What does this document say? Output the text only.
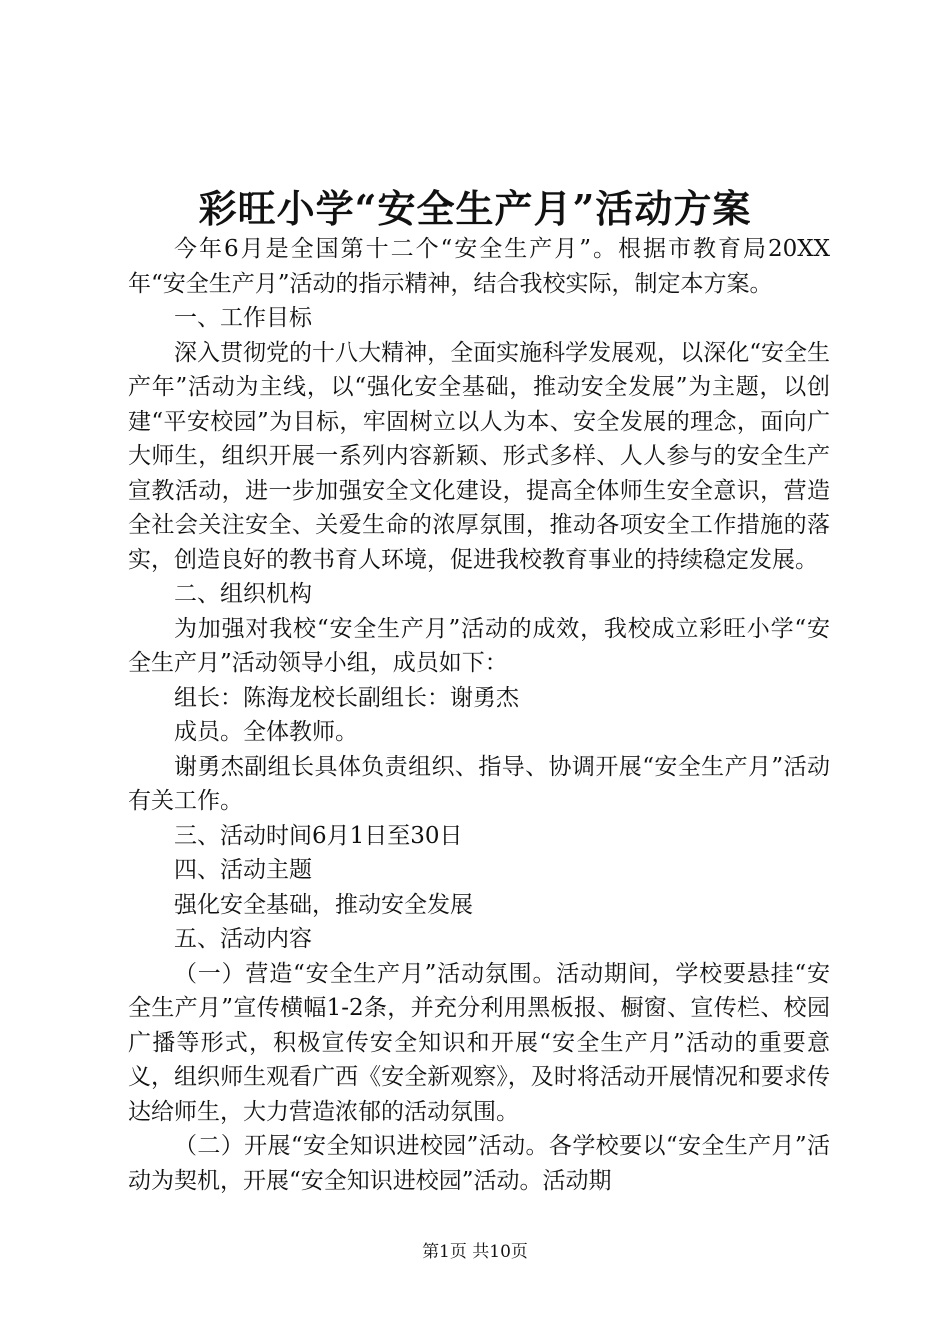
彩旺小学“安全生产月”活动方案

今年6月是全国第十二个“安全生产月”。根据市教育局20XX年“安全生产月”活动的指示精神，结合我校实际，制定本方案。

一、工作目标

深入贯彻党的十八大精神，全面实施科学发展观，以深化“安全生产年”活动为主线，以“强化安全基础，推动安全发展”为主题，以创建“平安校园”为目标，牢固树立以人为本、安全发展的理念，面向广大师生，组织开展一系列内容新颖、形式多样、人人参与的安全生产宣教活动，进一步加强安全文化建设，提高全体师生安全意识，营造全社会关注安全、关爱生命的浓厚氛围，推动各项安全工作措施的落实，创造良好的教书育人环境，促进我校教育事业的持续稳定发展。

二、组织机构

为加强对我校“安全生产月”活动的成效，我校成立彩旺小学“安全生产月”活动领导小组，成员如下：

组长：陈海龙校长副组长：谢勇杰

成员。全体教师。

谢勇杰副组长具体负责组织、指导、协调开展“安全生产月”活动有关工作。

三、活动时间6月1日至30日

四、活动主题

强化安全基础，推动安全发展

五、活动内容

（一）营造“安全生产月”活动氛围。活动期间，学校要悬挂“安全生产月”宣传横幅1-2条，并充分利用黑板报、橱窗、宣传栏、校园广播等形式，积极宣传安全知识和开展“安全生产月”活动的重要意义，组织师生观看广西《安全新观察》，及时将活动开展情况和要求传达给师生，大力营造浓郁的活动氛围。

（二）开展“安全知识进校园”活动。各学校要以“安全生产月”活动为契机，开展“安全知识进校园”活动。活动期

第1页 共10页
